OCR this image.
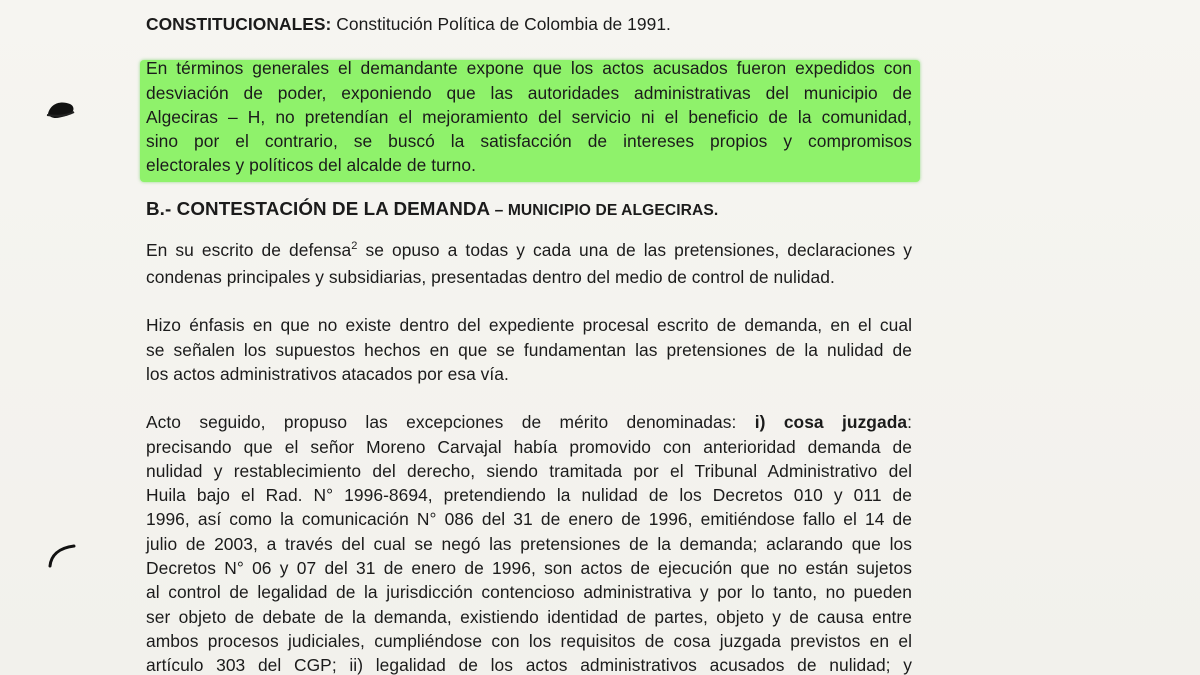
CONSTITUCIONALES: Constitución Política de Colombia de 1991.
En términos generales el demandante expone que los actos acusados fueron expedidos con
desviación de poder, exponiendo que las autoridades administrativas del municipio de
Algeciras – H, no pretendían el mejoramiento del servicio ni el beneficio de la comunidad,
sino por el contrario, se buscó la satisfacción de intereses propios y compromisos
electorales y políticos del alcalde de turno.
B.- CONTESTACIÓN DE LA DEMANDA – MUNICIPIO DE ALGECIRAS.
En su escrito de defensa$^2$ se opuso a todas y cada una de las pretensiones, declaraciones y
condenas principales y subsidiarias, presentadas dentro del medio de control de nulidad.
Hizo énfasis en que no existe dentro del expediente procesal escrito de demanda, en el cual
se señalen los supuestos hechos en que se fundamentan las pretensiones de la nulidad de
los actos administrativos atacados por esa vía.
Acto seguido, propuso las excepciones de mérito denominadas: i) cosa juzgada:
precisando que el señor Moreno Carvajal había promovido con anterioridad demanda de
nulidad y restablecimiento del derecho, siendo tramitada por el Tribunal Administrativo del
Huila bajo el Rad. N° 1996-8694, pretendiendo la nulidad de los Decretos 010 y 011 de
1996, así como la comunicación N° 086 del 31 de enero de 1996, emitiéndose fallo el 14 de
julio de 2003, a través del cual se negó las pretensiones de la demanda; aclarando que los
Decretos N° 06 y 07 del 31 de enero de 1996, son actos de ejecución que no están sujetos
al control de legalidad de la jurisdicción contencioso administrativa y por lo tanto, no pueden
ser objeto de debate de la demanda, existiendo identidad de partes, objeto y de causa entre
ambos procesos judiciales, cumpliéndose con los requisitos de cosa juzgada previstos en el
artículo 303 del CGP; ii) legalidad de los actos administrativos acusados de nulidad; y
